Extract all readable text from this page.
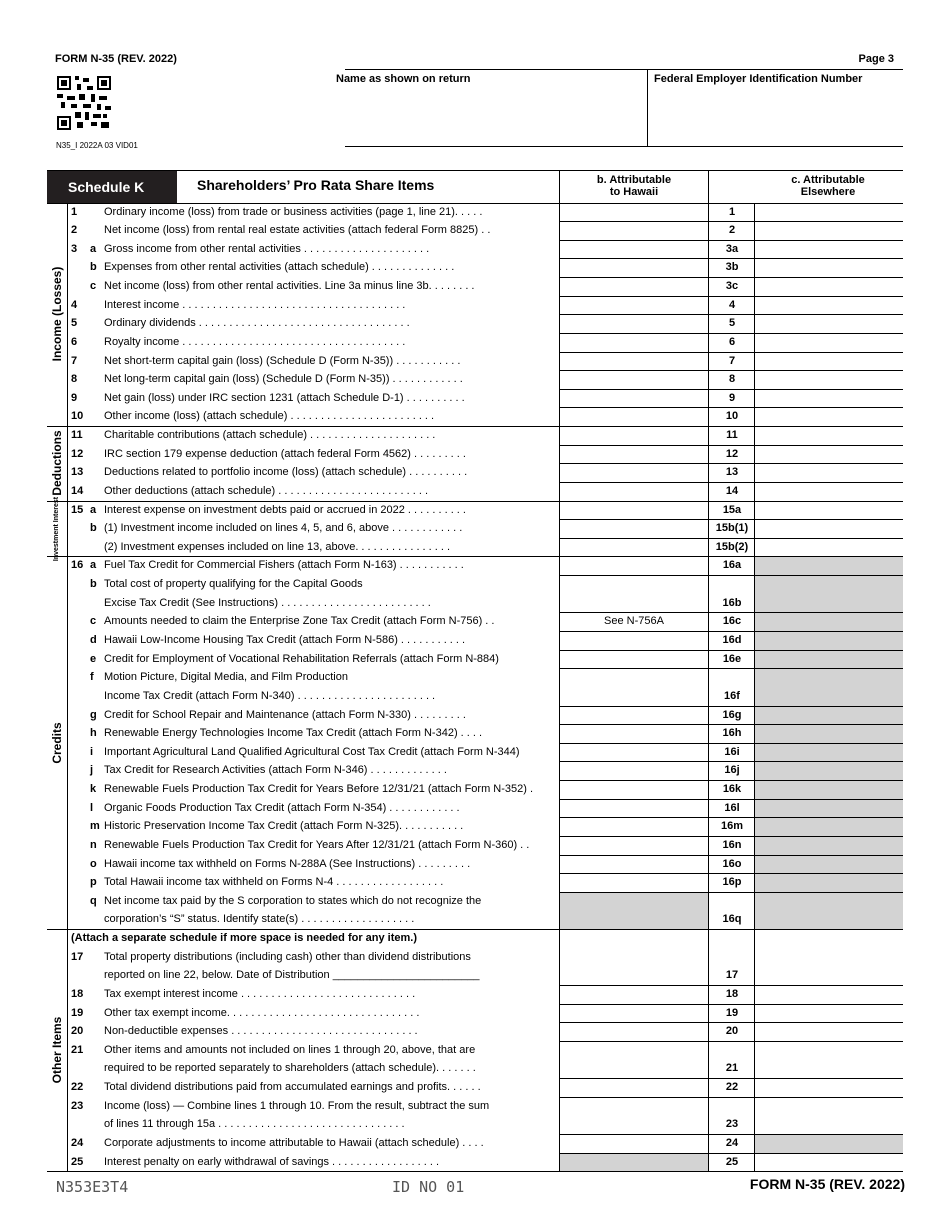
FORM N-35 (REV. 2022)	Page 3
N35_I 2022A 03 VID01
Name as shown on return	Federal Employer Identification Number
Schedule K	Shareholders’ Pro Rata Share Items	b. Attributable
to Hawaii
c. Attributable
Elsewhere
Income (Losses)
Deductions
Investment Interest
Credits
Other Items
1	Ordinary income (loss) from trade or business activities (page 1, line 21). . . . .	1
2	Net income (loss) from rental real estate activities (attach federal Form 8825) . .	2
3	a Gross income from other rental activities . . . . . . . . . . . . . . . . . . . . .	3a
b Expenses from other rental activities (attach schedule) . . . . . . . . . . . . . .	3b
c Net income (loss) from other rental activities. Line 3a minus line 3b. . . . . . . .	3c
4	Interest income . . . . . . . . . . . . . . . . . . . . . . . . . . . . . . . . . . . . .	4
5	Ordinary dividends . . . . . . . . . . . . . . . . . . . . . . . . . . . . . . . . . . .	5
6	Royalty income . . . . . . . . . . . . . . . . . . . . . . . . . . . . . . . . . . . . .	6
7	Net short-term capital gain (loss) (Schedule D (Form N-35)) . . . . . . . . . . .	7
8	Net long-term capital gain (loss) (Schedule D (Form N-35)) . . . . . . . . . . . .	8
9	Net gain (loss) under IRC section 1231 (attach Schedule D-1) . . . . . . . . . .	9
10	Other income (loss) (attach schedule) . . . . . . . . . . . . . . . . . . . . . . . .	10
11	Charitable contributions (attach schedule) . . . . . . . . . . . . . . . . . . . . .	11
12	IRC section 179 expense deduction (attach federal Form 4562) . . . . . . . . .	12
13	Deductions related to portfolio income (loss) (attach schedule) . . . . . . . . . .	13
14	Other deductions (attach schedule) . . . . . . . . . . . . . . . . . . . . . . . . .	14
15 a Interest expense on investment debts paid or accrued in 2022 . . . . . . . . . .	15a
b (1) Investment income included on lines 4, 5, and 6, above . . . . . . . . . . . .	15b(1)
(2) Investment expenses included on line 13, above. . . . . . . . . . . . . . . .	15b(2)
16 a Fuel Tax Credit for Commercial Fishers (attach Form N-163) . . . . . . . . . . .	16a
b Total cost of property qualifying for the Capital Goods
Excise Tax Credit (See Instructions) . . . . . . . . . . . . . . . . . . . . . . . . .	16b
c Amounts needed to claim the Enterprise Zone Tax Credit (attach Form N-756) . .	See N-756A	16c
d Hawaii Low-Income Housing Tax Credit (attach Form N-586) . . . . . . . . . . .	16d
e Credit for Employment of Vocational Rehabilitation Referrals (attach Form N-884)	16e
f Motion Picture, Digital Media, and Film Production
Income Tax Credit (attach Form N-340) . . . . . . . . . . . . . . . . . . . . . . .	16f
g Credit for School Repair and Maintenance (attach Form N-330) . . . . . . . . .	16g
h Renewable Energy Technologies Income Tax Credit (attach Form N-342) . . . .	16h
i Important Agricultural Land Qualified Agricultural Cost Tax Credit (attach Form N-344)	16i
j Tax Credit for Research Activities (attach Form N-346) . . . . . . . . . . . . .	16j
k Renewable Fuels Production Tax Credit for Years Before 12/31/21 (attach Form N-352) .	16k
l Organic Foods Production Tax Credit (attach Form N-354) . . . . . . . . . . . .	16l
m Historic Preservation Income Tax Credit (attach Form N-325). . . . . . . . . . .	16m
n Renewable Fuels Production Tax Credit for Years After 12/31/21 (attach Form N-360) . .	16n
o Hawaii income tax withheld on Forms N-288A (See Instructions) . . . . . . . . .	16o
p Total Hawaii income tax withheld on Forms N-4 . . . . . . . . . . . . . . . . . .	16p
q Net income tax paid by the S corporation to states which do not recognize the
corporation’s “S” status. Identify state(s) . . . . . . . . . . . . . . . . . . .	16q
(Attach a separate schedule if more space is needed for any item.)
17	Total property distributions (including cash) other than dividend distributions
reported on line 22, below. Date of Distribution ________________________	17
18	Tax exempt interest income . . . . . . . . . . . . . . . . . . . . . . . . . . . . .	18
19	Other tax exempt income. . . . . . . . . . . . . . . . . . . . . . . . . . . . . . . .	19
20	Non-deductible expenses . . . . . . . . . . . . . . . . . . . . . . . . . . . . . . .	20
21	Other items and amounts not included on lines 1 through 20, above, that are
required to be reported separately to shareholders (attach schedule). . . . . . .	21
22	Total dividend distributions paid from accumulated earnings and profits. . . . . .	22
23	Income (loss) — Combine lines 1 through 10. From the result, subtract the sum
of lines 11 through 15a . . . . . . . . . . . . . . . . . . . . . . . . . . . . . . .	23
24	Corporate adjustments to income attributable to Hawaii (attach schedule) . . . .	24
25	Interest penalty on early withdrawal of savings . . . . . . . . . . . . . . . . . .	25
N353E3T4	ID NO 01	FORM N-35 (REV. 2022)
